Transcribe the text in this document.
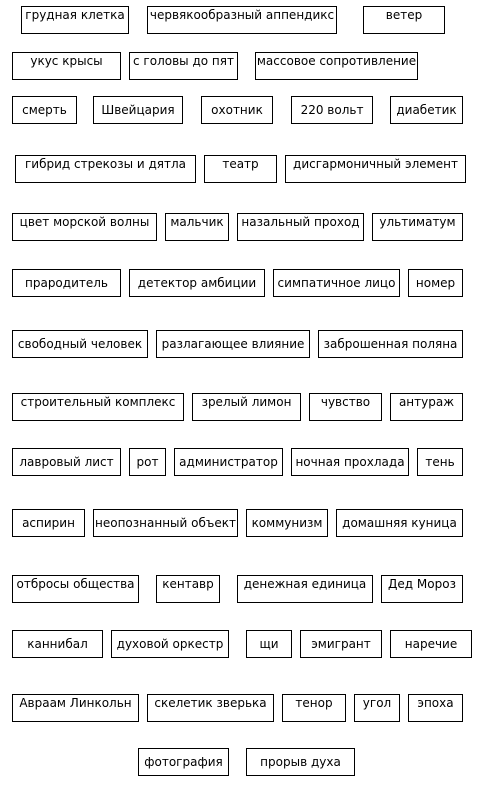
грудная клетка	червякообразный аппендикс	ветер
укус крысы	с головы до пят	массовое сопротивление
смерть	Швейцария	охотник	220 вольт	диабетик
гибрид стрекозы и дятла	театр	дисгармоничный элемент
цвет морской волны	мальчик	назальный проход	ультиматум
прародитель	детектор амбиции	симпатичное лицо	номер
свободный человек	разлагающее влияние	заброшенная поляна
строительный комплекс	зрелый лимон	чувство	антураж
лавровый лист	рот	администратор	ночная прохлада	тень
аспирин	неопознанный объект	коммунизм	домашняя куница
отбросы общества	кентавр	денежная единица	Дед Мороз
каннибал	духовой оркестр	щи	эмигрант	наречие
Авраам Линкольн	скелетик зверька	тенор	угол	эпоха
фотография	прорыв духа
